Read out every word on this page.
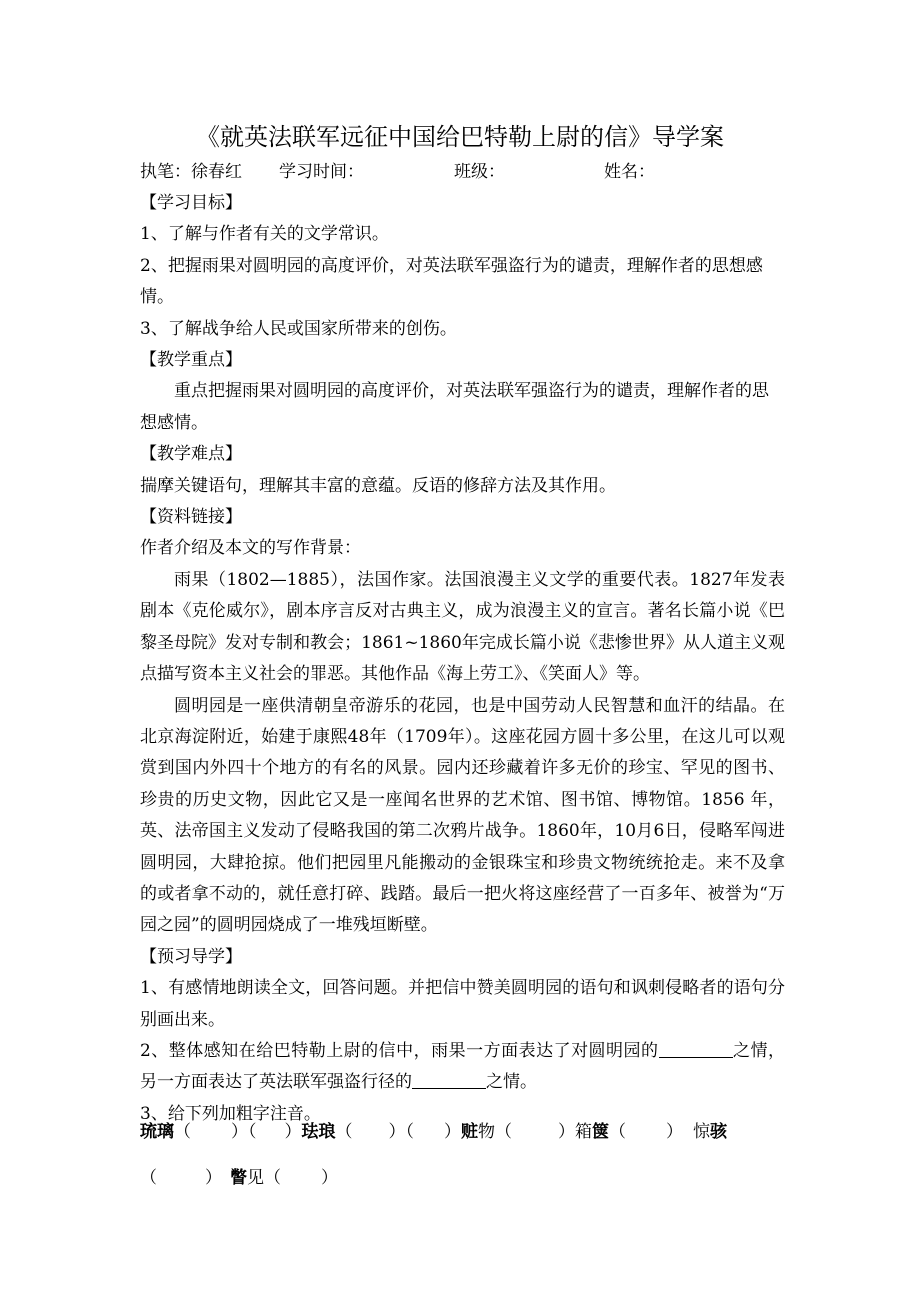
《就英法联军远征中国给巴特勒上尉的信》导学案
执笔：徐春红 学习时间：	班级：	姓名：

【学习目标】

1、了解与作者有关的文学常识。

2、把握雨果对圆明园的高度评价，对英法联军强盗行为的谴责，理解作者的思想感情。

3、了解战争给人民或国家所带来的创伤。

【教学重点】

重点把握雨果对圆明园的高度评价，对英法联军强盗行为的谴责，理解作者的思想感情。

【教学难点】

揣摩关键语句，理解其丰富的意蕴。反语的修辞方法及其作用。

【资料链接】

作者介绍及本文的写作背景：

雨果（1802—1885），法国作家。法国浪漫主义文学的重要代表。1827年发表剧本《克伦威尔》，剧本序言反对古典主义，成为浪漫主义的宣言。著名长篇小说《巴黎圣母院》发对专制和教会；1861~1860年完成长篇小说《悲惨世界》从人道主义观点描写资本主义社会的罪恶。其他作品《海上劳工》、《笑面人》等。

圆明园是一座供清朝皇帝游乐的花园，也是中国劳动人民智慧和血汗的结晶。在北京海淀附近，始建于康熙48年（1709年）。这座花园方圆十多公里，在这儿可以观赏到国内外四十个地方的有名的风景。园内还珍藏着许多无价的珍宝、罕见的图书、珍贵的历史文物，因此它又是一座闻名世界的艺术馆、图书馆、博物馆。1856 年，英、法帝国主义发动了侵略我国的第二次鸦片战争。1860年，10月6日，侵略军闯进圆明园，大肆抢掠。他们把园里凡能搬动的金银珠宝和珍贵文物统统抢走。来不及拿的或者拿不动的，就任意打碎、践踏。最后一把火将这座经营了一百多年、被誉为“万园之园”的圆明园烧成了一堆残垣断壁。

【预习导学】

1、有感情地朗读全文，回答问题。并把信中赞美圆明园的语句和讽刺侵略者的语句分别画出来。

2、整体感知在给巴特勒上尉的信中，雨果一方面表达了对圆明园的	之情，另一方面表达了英法联军强盗行径的	之情。

3、给下列加粗字注音。

琉璃（ ）（ ）珐琅（ ）（ ）赃物（	）箱箧（ ） 惊骇
（	） 瞥见（ ）
